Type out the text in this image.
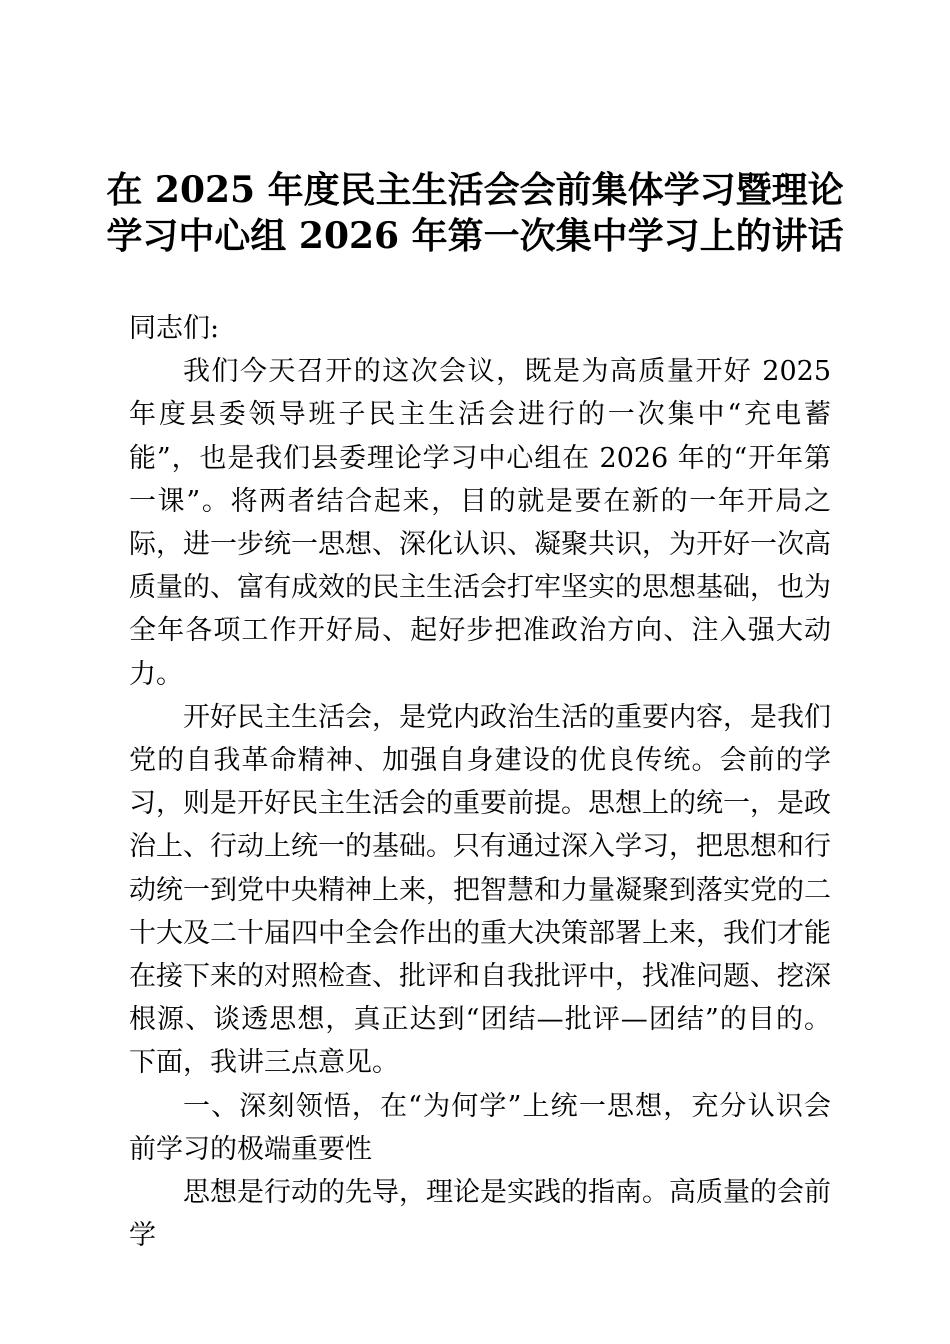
在 2025 年度民主生活会会前集体学习暨理论
学习中心组 2026 年第一次集中学习上的讲话

同志们:

我们今天召开的这次会议，既是为高质量开好 2025 年度县委领导班子民主生活会进行的一次集中“充电蓄能”，也是我们县委理论学习中心组在 2026 年的“开年第一课”。将两者结合起来，目的就是要在新的一年开局之际，进一步统一思想、深化认识、凝聚共识，为开好一次高质量的、富有成效的民主生活会打牢坚实的思想基础，也为全年各项工作开好局、起好步把准政治方向、注入强大动力。

开好民主生活会，是党内政治生活的重要内容，是我们党的自我革命精神、加强自身建设的优良传统。会前的学习，则是开好民主生活会的重要前提。思想上的统一，是政治上、行动上统一的基础。只有通过深入学习，把思想和行动统一到党中央精神上来，把智慧和力量凝聚到落实党的二十大及二十届四中全会作出的重大决策部署上来，我们才能在接下来的对照检查、批评和自我批评中，找准问题、挖深根源、谈透思想，真正达到“团结—批评—团结”的目的。下面，我讲三点意见。

一、深刻领悟，在“为何学”上统一思想，充分认识会前学习的极端重要性

思想是行动的先导，理论是实践的指南。高质量的会前学
